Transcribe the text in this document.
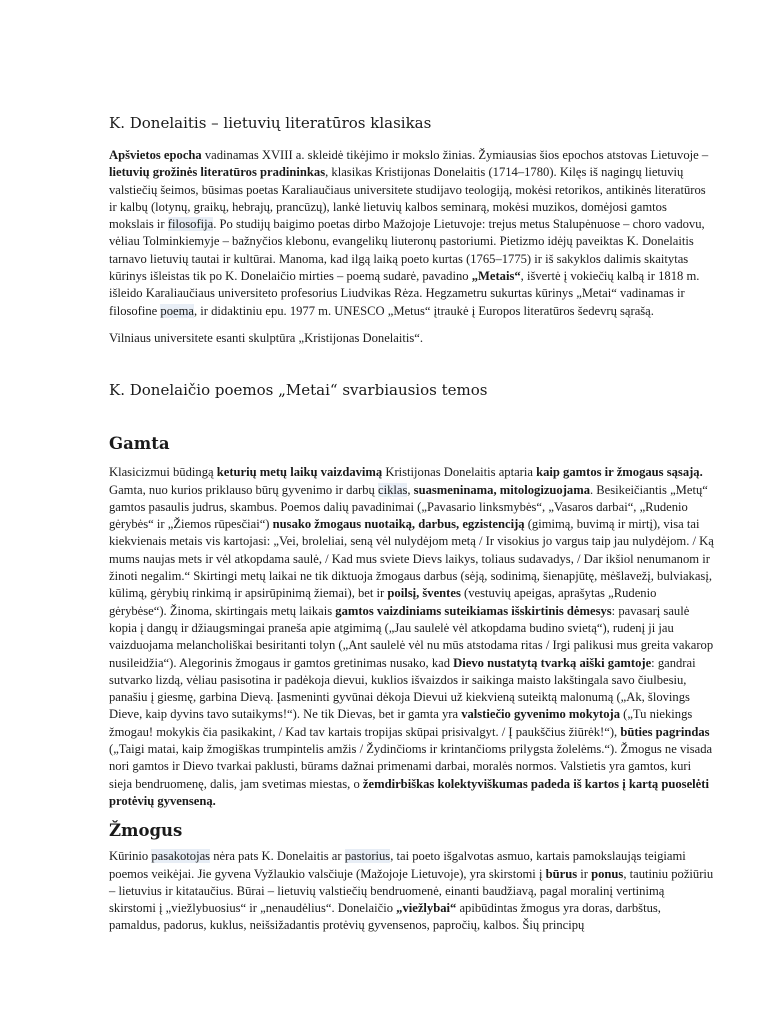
K. Donelaitis – lietuvių literatūros klasikas

Apšvietos epocha vadinamas XVIII a. skleidė tikėjimo ir mokslo žinias. Žymiausias šios epochos atstovas Lietuvoje – lietuvių grožinės literatūros pradininkas, klasikas Kristijonas Donelaitis (1714–1780). Kilęs iš nagingų lietuvių valstiečių šeimos, būsimas poetas Karaliaučiaus universitete studijavo teologiją, mokėsi retorikos, antikinės literatūros ir kalbų (lotynų, graikų, hebrajų, prancūzų), lankė lietuvių kalbos seminarą, mokėsi muzikos, domėjosi gamtos mokslais ir filosofija. Po studijų baigimo poetas dirbo Mažojoje Lietuvoje: trejus metus Stalupėnuose – choro vadovu, vėliau Tolminkiemyje – bažnyčios klebonu, evangelikų liuteronų pastoriumi. Pietizmo idėjų paveiktas K. Donelaitis tarnavo lietuvių tautai ir kultūrai. Manoma, kad ilgą laiką poeto kurtas (1765–1775) ir iš sakyklos dalimis skaitytas kūrinys išleistas tik po K. Donelaičio mirties – poemą sudarė, pavadino „Metais“, išvertė į vokiečių kalbą ir 1818 m. išleido Karaliaučiaus universiteto profesorius Liudvikas Rėza. Hegzametru sukurtas kūrinys „Metai“ vadinamas ir filosofine poema, ir didaktiniu epu. 1977 m. UNESCO „Metus“ įtraukė į Europos literatūros šedevrų sąrašą.

Vilniaus universitete esanti skulptūra „Kristijonas Donelaitis“.

K. Donelaičio poemos „Metai“ svarbiausios temos
Gamta

Klasicizmui būdingą keturių metų laikų vaizdavimą Kristijonas Donelaitis aptaria kaip gamtos ir žmogaus sąsają. Gamta, nuo kurios priklauso būrų gyvenimo ir darbų ciklas, suasmeninama, mitologizuojama. Besikeičiantis „Metų“ gamtos pasaulis judrus, skambus. Poemos dalių pavadinimai („Pavasario linksmybės“, „Vasaros darbai“, „Rudenio gėrybės“ ir „Žiemos rūpesčiai“) nusako žmogaus nuotaiką, darbus, egzistenciją (gimimą, buvimą ir mirtį), visa tai kiekvienais metais vis kartojasi: „Vei, broleliai, seną vėl nulydėjom metą / Ir visokius jo vargus taip jau nulydėjom. / Ką mums naujas mets ir vėl atkopdama saulė, / Kad mus sviete Dievs laikys, toliaus sudavadys, / Dar ikšiol nenumanom ir žinoti negalim.“ Skirtingi metų laikai ne tik diktuoja žmogaus darbus (sėją, sodinimą, šienapjūtę, mėšlavežį, bulviakasį, kūlimą, gėrybių rinkimą ir apsirūpinimą žiemai), bet ir poilsį, šventes (vestuvių apeigas, aprašytas „Rudenio gėrybėse“). Žinoma, skirtingais metų laikais gamtos vaizdiniams suteikiamas išskirtinis dėmesys: pavasarį saulė kopia į dangų ir džiaugsmingai praneša apie atgimimą („Jau saulelė vėl atkopdama budino svietą“), rudenį ji jau vaizduojama melancholiškai besiritanti tolyn („Ant saulelė vėl nu mūs atstodama ritas / Irgi palikusi mus greita vakarop nusileidžia“). Alegorinis žmogaus ir gamtos gretinimas nusako, kad Dievo nustatytą tvarką aiški gamtoje: gandrai sutvarko lizdą, vėliau pasisotina ir padėkoja dievui, kuklios išvaizdos ir saikinga maisto lakštingala savo čiulbesiu, panašiu į giesmę, garbina Dievą. Įasmeninti gyvūnai dėkoja Dievui už kiekvieną suteiktą malonumą („Ak, šlovings Dieve, kaip dyvins tavo sutaikyms!“). Ne tik Dievas, bet ir gamta yra valstiečio gyvenimo mokytoja („Tu niekings žmogau! mokykis čia pasikakint, / Kad tav kartais tropijas skūpai prisivalgyt. / Į paukščius žiūrėk!“), būties pagrindas („Taigi matai, kaip žmogiškas trumpintelis amžis / Žydinčioms ir krintančioms prilygsta žolelėms.“). Žmogus ne visada nori gamtos ir Dievo tvarkai paklusti, būrams dažnai primenami darbai, moralės normos. Valstietis yra gamtos, kuri sieja bendruomenę, dalis, jam svetimas miestas, o žemdirbiškas kolektyviškumas padeda iš kartos į kartą puoselėti protėvių gyvenseną.

Žmogus

Kūrinio pasakotojas nėra pats K. Donelaitis ar pastorius, tai poeto išgalvotas asmuo, kartais pamokslaująs teigiami poemos veikėjai. Jie gyvena Vyžlaukio valsčiuje (Mažojoje Lietuvoje), yra skirstomi į būrus ir ponus, tautiniu požiūriu – lietuvius ir kitataučius. Būrai – lietuvių valstiečių bendruomenė, einanti baudžiavą, pagal moralinį vertinimą skirstomi į „viežlybuosius“ ir „nenaudėlius“. Donelaičio „viežlybai“ apibūdintas žmogus yra doras, darbštus, pamaldus, padorus, kuklus, neišsižadantis protėvių gyvensenos, papročių, kalbos. Šių principų
